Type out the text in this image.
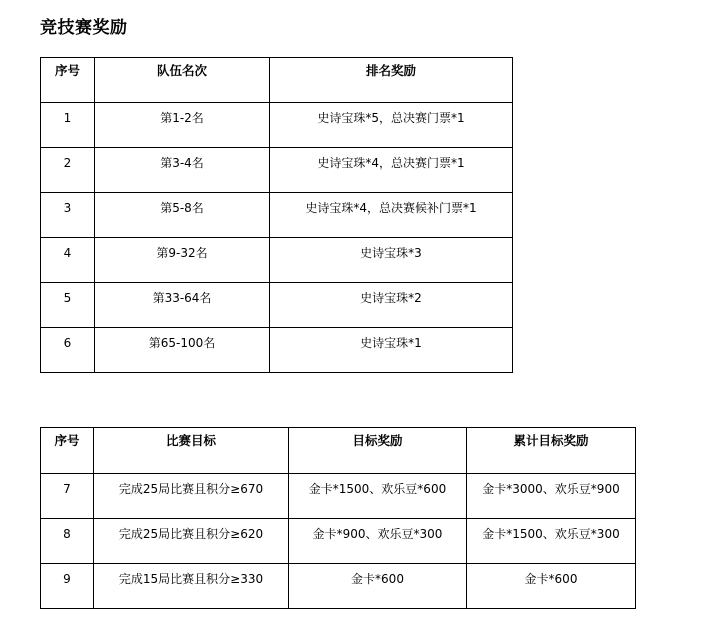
竞技赛奖励
序号	队伍名次	排名奖励
1	第1-2名	史诗宝珠*5，总决赛门票*1
2	第3-4名	史诗宝珠*4，总决赛门票*1
3	第5-8名	史诗宝珠*4，总决赛候补门票*1
4	第9-32名	史诗宝珠*3
5	第33-64名	史诗宝珠*2
6	第65-100名	史诗宝珠*1
序号	比赛目标	目标奖励	累计目标奖励
7	完成25局比赛且积分≥670	金卡*1500、欢乐豆*600	金卡*3000、欢乐豆*900
8	完成25局比赛且积分≥620	金卡*900、欢乐豆*300	金卡*1500、欢乐豆*300
9	完成15局比赛且积分≥330	金卡*600	金卡*600
